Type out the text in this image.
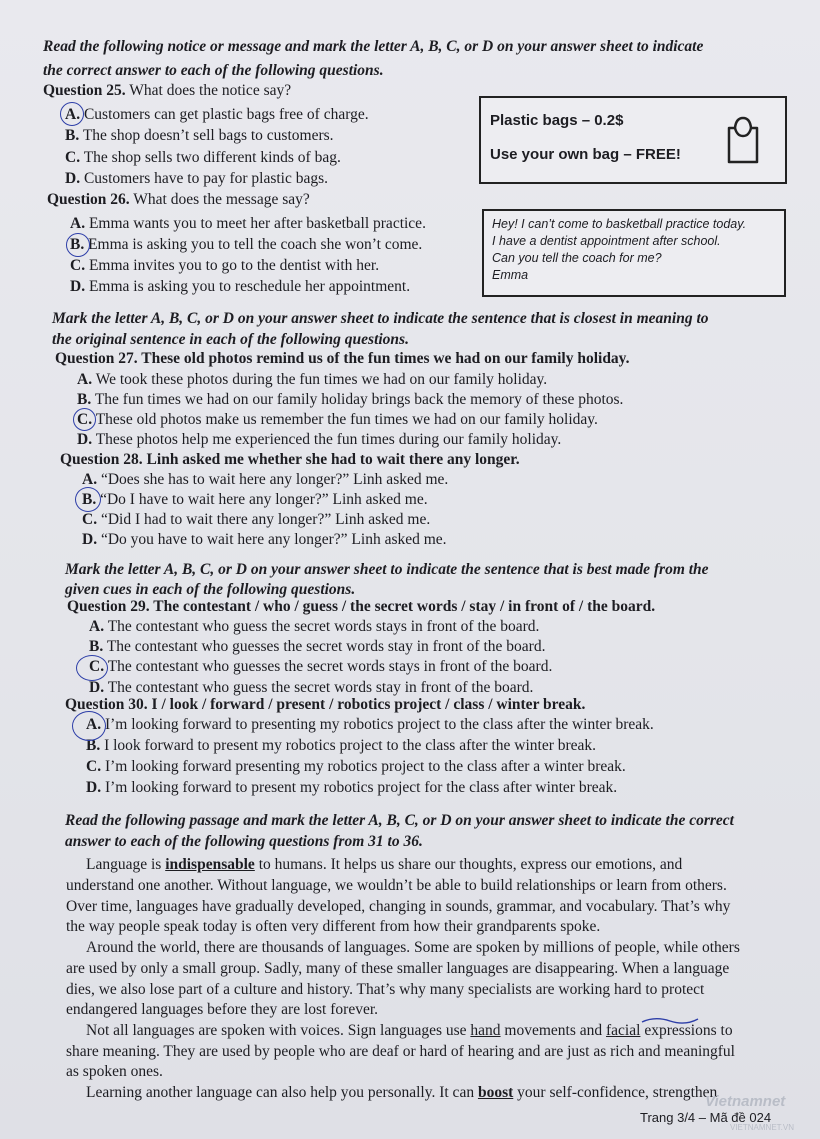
Read the following notice or message and mark the letter A, B, C, or D on your answer sheet to indicate
the correct answer to each of the following questions.
Question 25. What does the notice say?
A. Customers can get plastic bags free of charge.
B. The shop doesn’t sell bags to customers.
C. The shop sells two different kinds of bag.
D. Customers have to pay for plastic bags.
Plastic bags – 0.2$
Use your own bag – FREE!
Question 26. What does the message say?
A. Emma wants you to meet her after basketball practice.
B. Emma is asking you to tell the coach she won’t come.
C. Emma invites you to go to the dentist with her.
D. Emma is asking you to reschedule her appointment.
Hey! I can’t come to basketball practice today.
I have a dentist appointment after school.
Can you tell the coach for me?
Emma
Mark the letter A, B, C, or D on your answer sheet to indicate the sentence that is closest in meaning to
the original sentence in each of the following questions.
Question 27. These old photos remind us of the fun times we had on our family holiday.
A. We took these photos during the fun times we had on our family holiday.
B. The fun times we had on our family holiday brings back the memory of these photos.
C. These old photos make us remember the fun times we had on our family holiday.
D. These photos help me experienced the fun times during our family holiday.
Question 28. Linh asked me whether she had to wait there any longer.
A. “Does she has to wait here any longer?” Linh asked me.
B. “Do I have to wait here any longer?” Linh asked me.
C. “Did I had to wait there any longer?” Linh asked me.
D. “Do you have to wait here any longer?” Linh asked me.
Mark the letter A, B, C, or D on your answer sheet to indicate the sentence that is best made from the
given cues in each of the following questions.
Question 29. The contestant / who / guess / the secret words / stay / in front of / the board.
A. The contestant who guess the secret words stays in front of the board.
B. The contestant who guesses the secret words stay in front of the board.
C. The contestant who guesses the secret words stays in front of the board.
D. The contestant who guess the secret words stay in front of the board.
Question 30. I / look / forward / present / robotics project / class / winter break.
A. I’m looking forward to presenting my robotics project to the class after the winter break.
B. I look forward to present my robotics project to the class after the winter break.
C. I’m looking forward presenting my robotics project to the class after a winter break.
D. I’m looking forward to present my robotics project for the class after winter break.
Read the following passage and mark the letter A, B, C, or D on your answer sheet to indicate the correct
answer to each of the following questions from 31 to 36.
Language is indispensable to humans. It helps us share our thoughts, express our emotions, and
understand one another. Without language, we wouldn’t be able to build relationships or learn from others.
Over time, languages have gradually developed, changing in sounds, grammar, and vocabulary. That’s why
the way people speak today is often very different from how their grandparents spoke.
Around the world, there are thousands of languages. Some are spoken by millions of people, while others
are used by only a small group. Sadly, many of these smaller languages are disappearing. When a language
dies, we also lose part of a culture and history. That’s why many specialists are working hard to protect
endangered languages before they are lost forever.
Not all languages are spoken with voices. Sign languages use hand movements and facial expressions to
share meaning. They are used by people who are deaf or hard of hearing and are just as rich and meaningful
as spoken ones.
Learning another language can also help you personally. It can boost your self-confidence, strengthen
Trang 3/4 – Mã đề 024
Vietnamnet
VIETNAMNET.VN
